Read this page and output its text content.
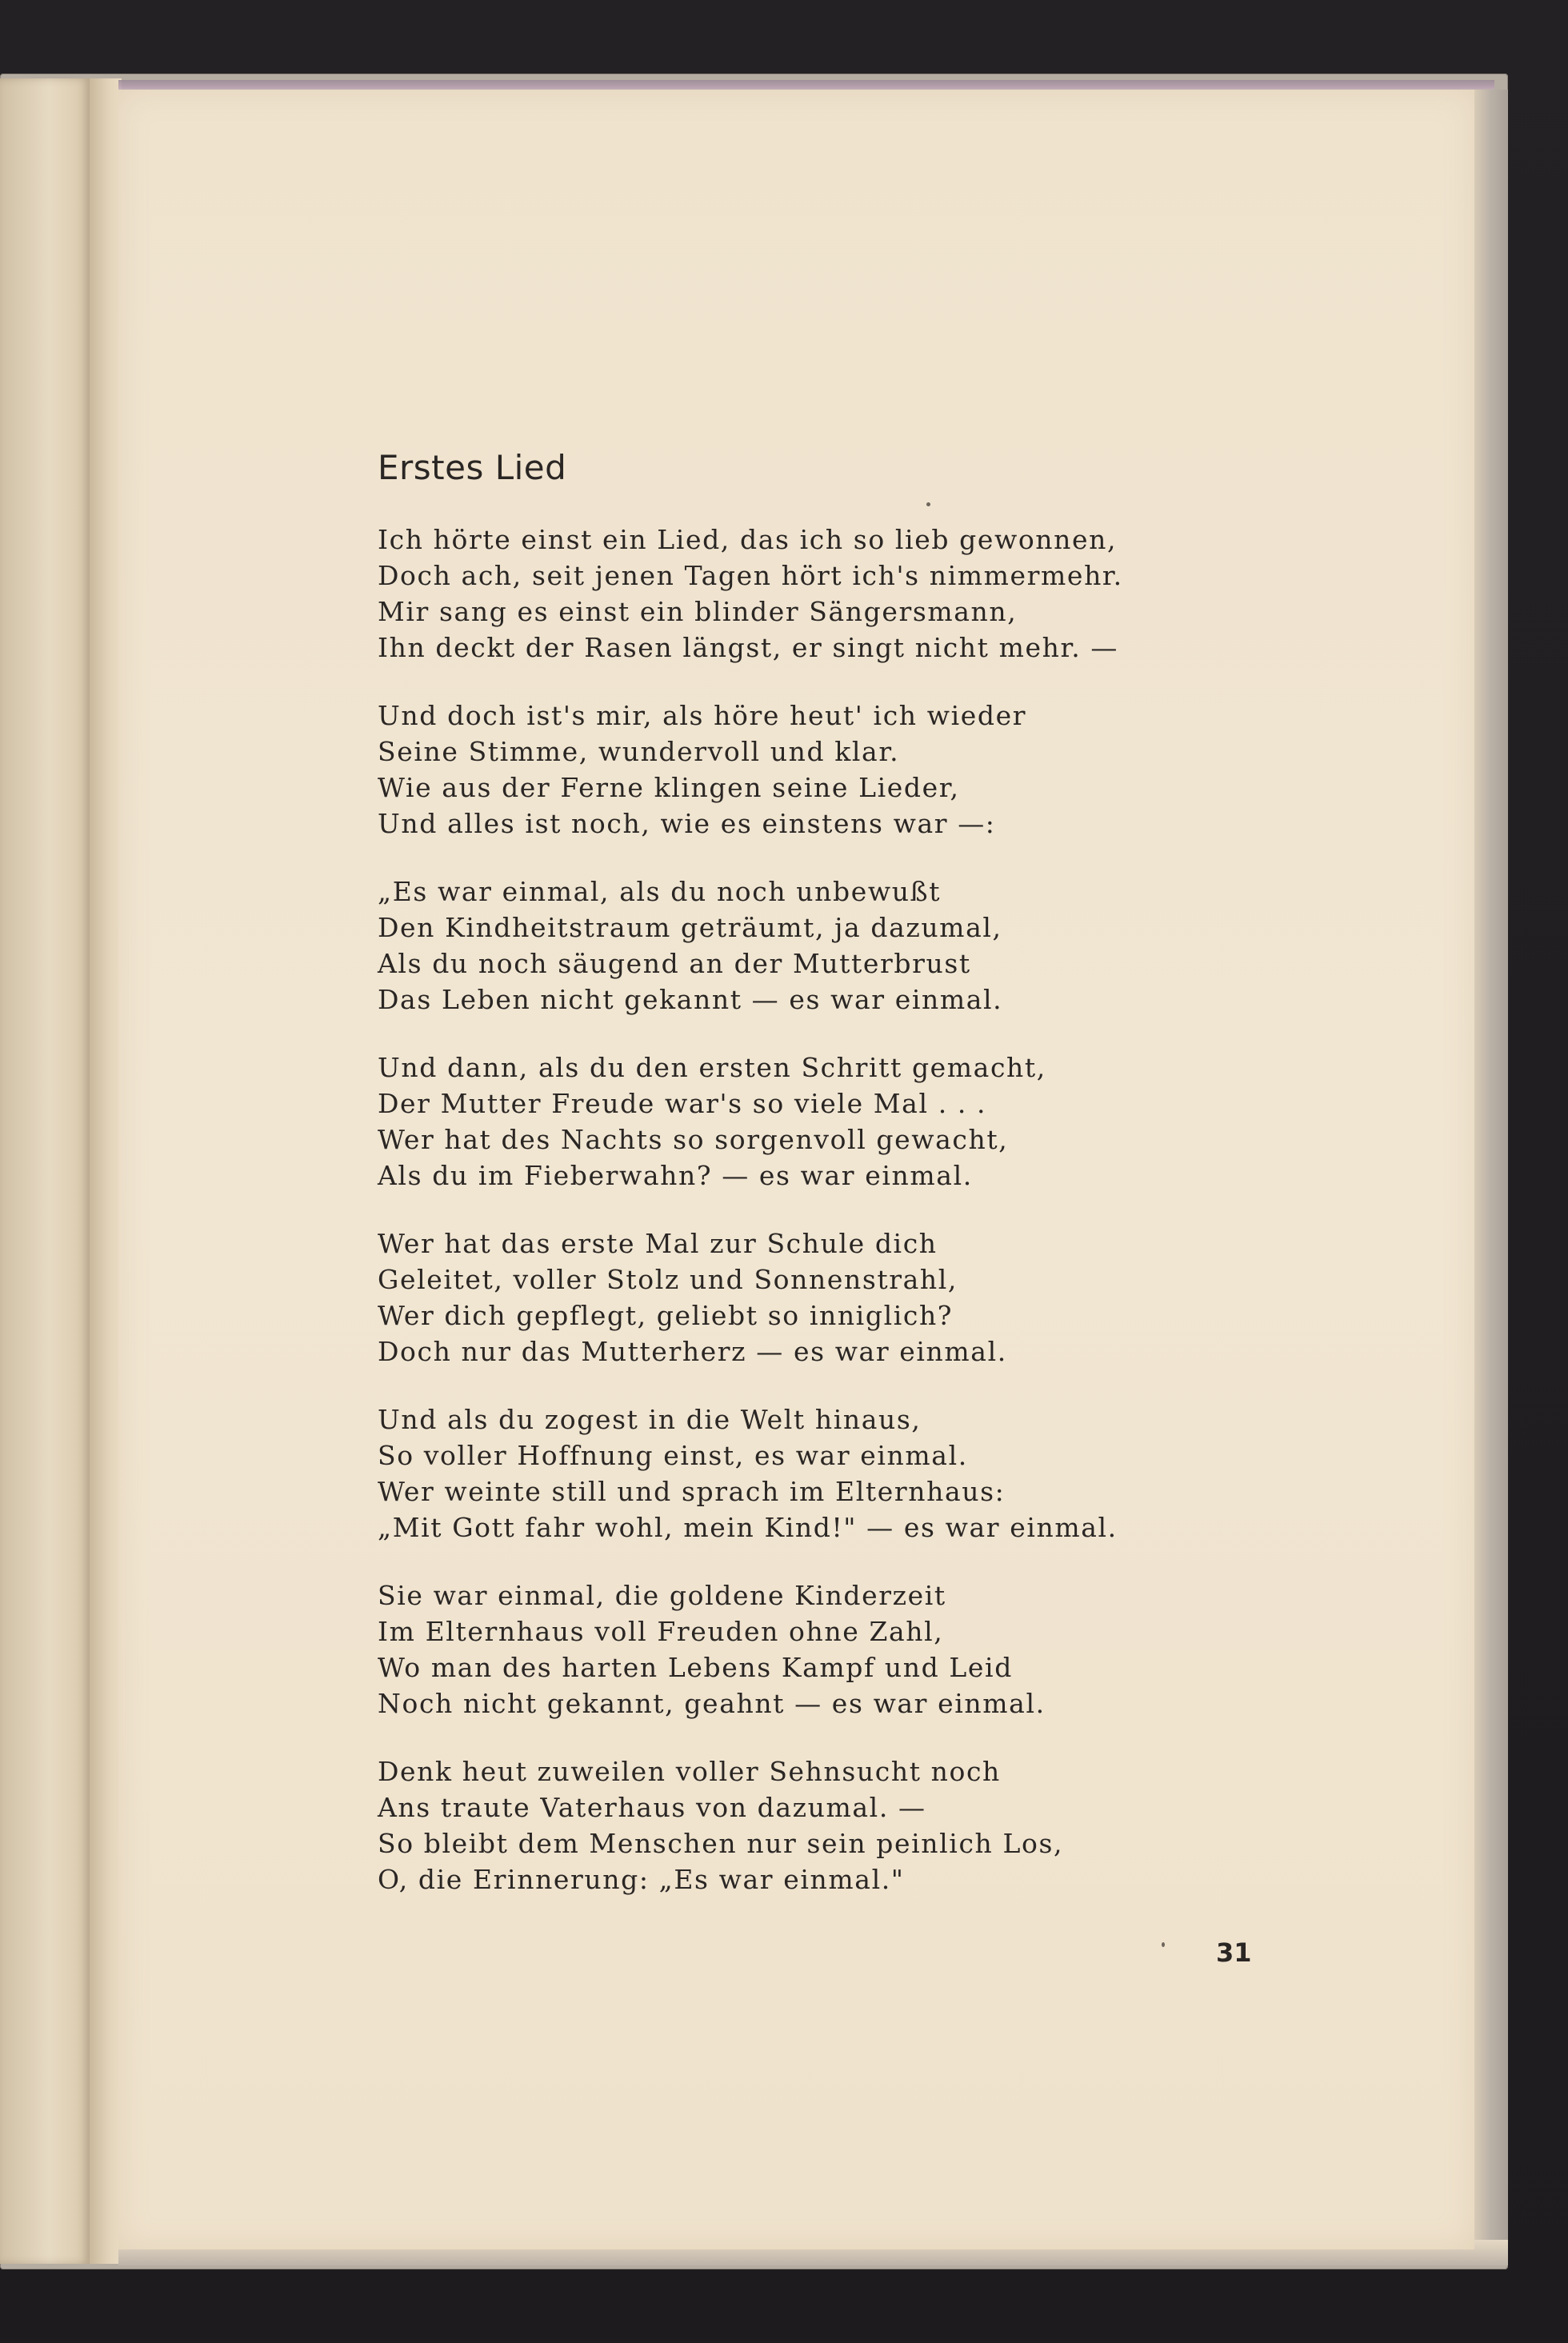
Erstes Lied
Ich hörte einst ein Lied, das ich so lieb gewonnen,
Doch ach, seit jenen Tagen hört ich's nimmermehr.
Mir sang es einst ein blinder Sängersmann,
Ihn deckt der Rasen längst, er singt nicht mehr. —
Und doch ist's mir, als höre heut' ich wieder
Seine Stimme, wundervoll und klar.
Wie aus der Ferne klingen seine Lieder,
Und alles ist noch, wie es einstens war —:
„Es war einmal, als du noch unbewußt
Den Kindheitstraum geträumt, ja dazumal,
Als du noch säugend an der Mutterbrust
Das Leben nicht gekannt — es war einmal.
Und dann, als du den ersten Schritt gemacht,
Der Mutter Freude war's so viele Mal . . .
Wer hat des Nachts so sorgenvoll gewacht,
Als du im Fieberwahn? — es war einmal.
Wer hat das erste Mal zur Schule dich
Geleitet, voller Stolz und Sonnenstrahl,
Wer dich gepflegt, geliebt so inniglich?
Doch nur das Mutterherz — es war einmal.
Und als du zogest in die Welt hinaus,
So voller Hoffnung einst, es war einmal.
Wer weinte still und sprach im Elternhaus:
„Mit Gott fahr wohl, mein Kind!" — es war einmal.
Sie war einmal, die goldene Kinderzeit
Im Elternhaus voll Freuden ohne Zahl,
Wo man des harten Lebens Kampf und Leid
Noch nicht gekannt, geahnt — es war einmal.
Denk heut zuweilen voller Sehnsucht noch
Ans traute Vaterhaus von dazumal. —
So bleibt dem Menschen nur sein peinlich Los,
O, die Erinnerung: „Es war einmal."
31
